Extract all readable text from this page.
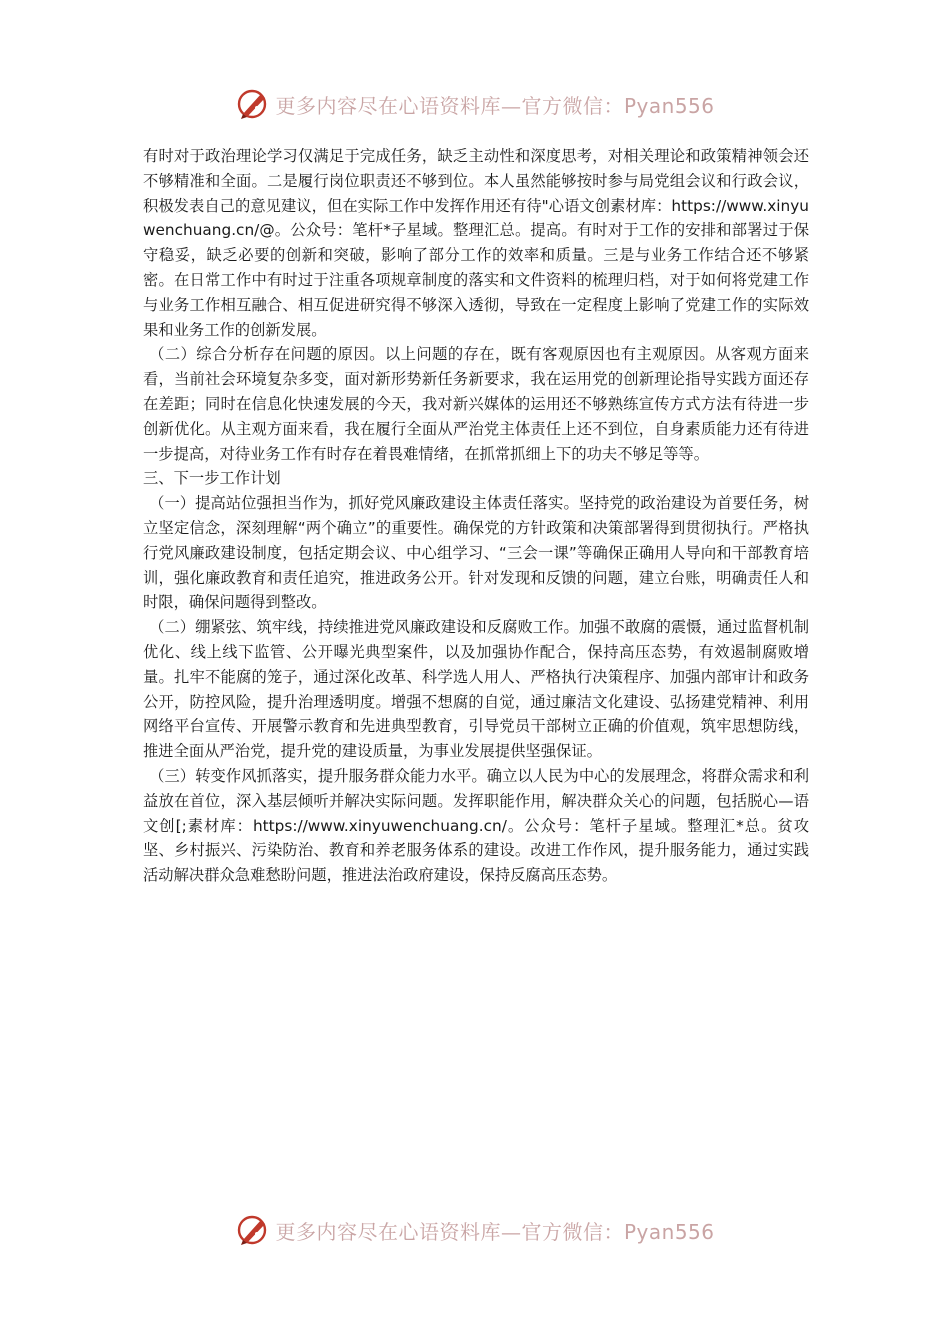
更多内容尽在心语资料库—官方微信：Pyan556

有时对于政治理论学习仅满足于完成任务，缺乏主动性和深度思考，对相关理论和政策精神领会还不够精准和全面。二是履行岗位职责还不够到位。本人虽然能够按时参与局党组会议和行政会议，积极发表自己的意见建议，但在实际工作中发挥作用还有待"心语文创素材库：https://www.xinyuwenchuang.cn/@。公众号：笔杆*子星域。整理汇总。提高。有时对于工作的安排和部署过于保守稳妥，缺乏必要的创新和突破，影响了部分工作的效率和质量。三是与业务工作结合还不够紧密。在日常工作中有时过于注重各项规章制度的落实和文件资料的梳理归档，对于如何将党建工作与业务工作相互融合、相互促进研究得不够深入透彻，导致在一定程度上影响了党建工作的实际效果和业务工作的创新发展。

（二）综合分析存在问题的原因。以上问题的存在，既有客观原因也有主观原因。从客观方面来看，当前社会环境复杂多变，面对新形势新任务新要求，我在运用党的创新理论指导实践方面还存在差距；同时在信息化快速发展的今天，我对新兴媒体的运用还不够熟练宣传方式方法有待进一步创新优化。从主观方面来看，我在履行全面从严治党主体责任上还不到位，自身素质能力还有待进一步提高，对待业务工作有时存在着畏难情绪，在抓常抓细上下的功夫不够足等等。

三、下一步工作计划

（一）提高站位强担当作为，抓好党风廉政建设主体责任落实。坚持党的政治建设为首要任务，树立坚定信念，深刻理解“两个确立”的重要性。确保党的方针政策和决策部署得到贯彻执行。严格执行党风廉政建设制度，包括定期会议、中心组学习、“三会一课”等确保正确用人导向和干部教育培训，强化廉政教育和责任追究，推进政务公开。针对发现和反馈的问题，建立台账，明确责任人和时限，确保问题得到整改。

（二）绷紧弦、筑牢线，持续推进党风廉政建设和反腐败工作。加强不敢腐的震慑，通过监督机制优化、线上线下监管、公开曝光典型案件，以及加强协作配合，保持高压态势，有效遏制腐败增量。扎牢不能腐的笼子，通过深化改革、科学选人用人、严格执行决策程序、加强内部审计和政务公开，防控风险，提升治理透明度。增强不想腐的自觉，通过廉洁文化建设、弘扬建党精神、利用网络平台宣传、开展警示教育和先进典型教育，引导党员干部树立正确的价值观，筑牢思想防线，推进全面从严治党，提升党的建设质量，为事业发展提供坚强保证。

（三）转变作风抓落实，提升服务群众能力水平。确立以人民为中心的发展理念，将群众需求和利益放在首位，深入基层倾听并解决实际问题。发挥职能作用，解决群众关心的问题，包括脱心—语文创[;素材库：https://www.xinyuwenchuang.cn/。公众号：笔杆子星域。整理汇*总。贫攻坚、乡村振兴、污染防治、教育和养老服务体系的建设。改进工作作风，提升服务能力，通过实践活动解决群众急难愁盼问题，推进法治政府建设，保持反腐高压态势。

更多内容尽在心语资料库—官方微信：Pyan556
